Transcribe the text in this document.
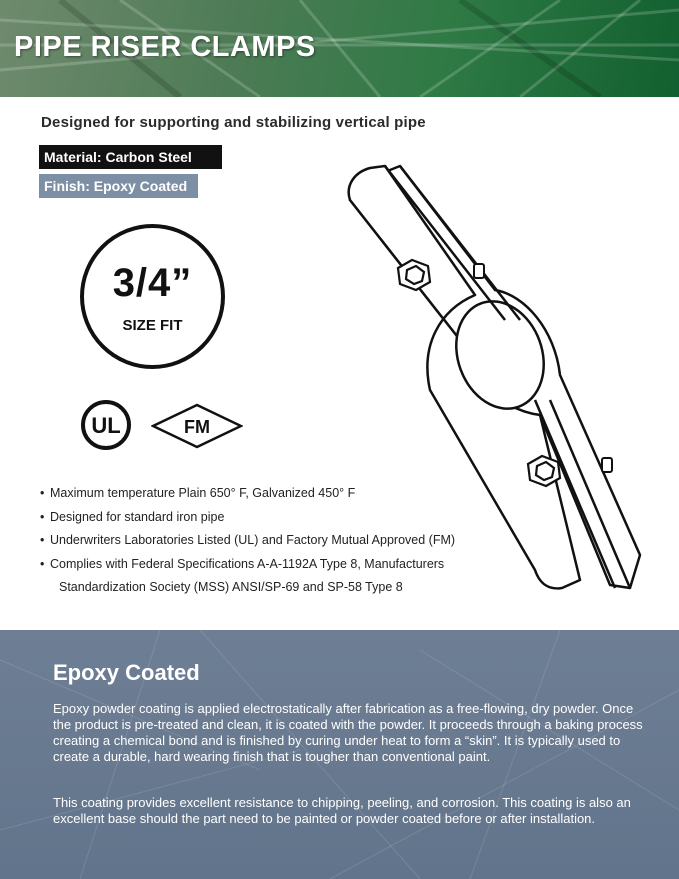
PIPE RISER CLAMPS
Designed for supporting and stabilizing vertical pipe
Material: Carbon Steel
Finish: Epoxy Coated
3/4”
SIZE FIT
UL	FM
• Maximum temperature Plain 650° F, Galvanized 450° F
• Designed for standard iron pipe
• Underwriters Laboratories Listed (UL) and Factory Mutual Approved (FM)
• Complies with Federal Specifications A-A-1192A Type 8, Manufacturers
Standardization Society (MSS) ANSI/SP-69 and SP-58 Type 8
Epoxy Coated

Epoxy powder coating is applied electrostatically after fabrication as a free-flowing, dry powder. Once the product is pre-treated and clean, it is coated with the powder. It proceeds through a baking process creating a chemical bond and is finished by curing under heat to form a “skin”. It is typically used to create a durable, hard wearing finish that is tougher than conventional paint.

This coating provides excellent resistance to chipping, peeling, and corrosion. This coating is also an excellent base should the part need to be painted or powder coated before or after installation.
